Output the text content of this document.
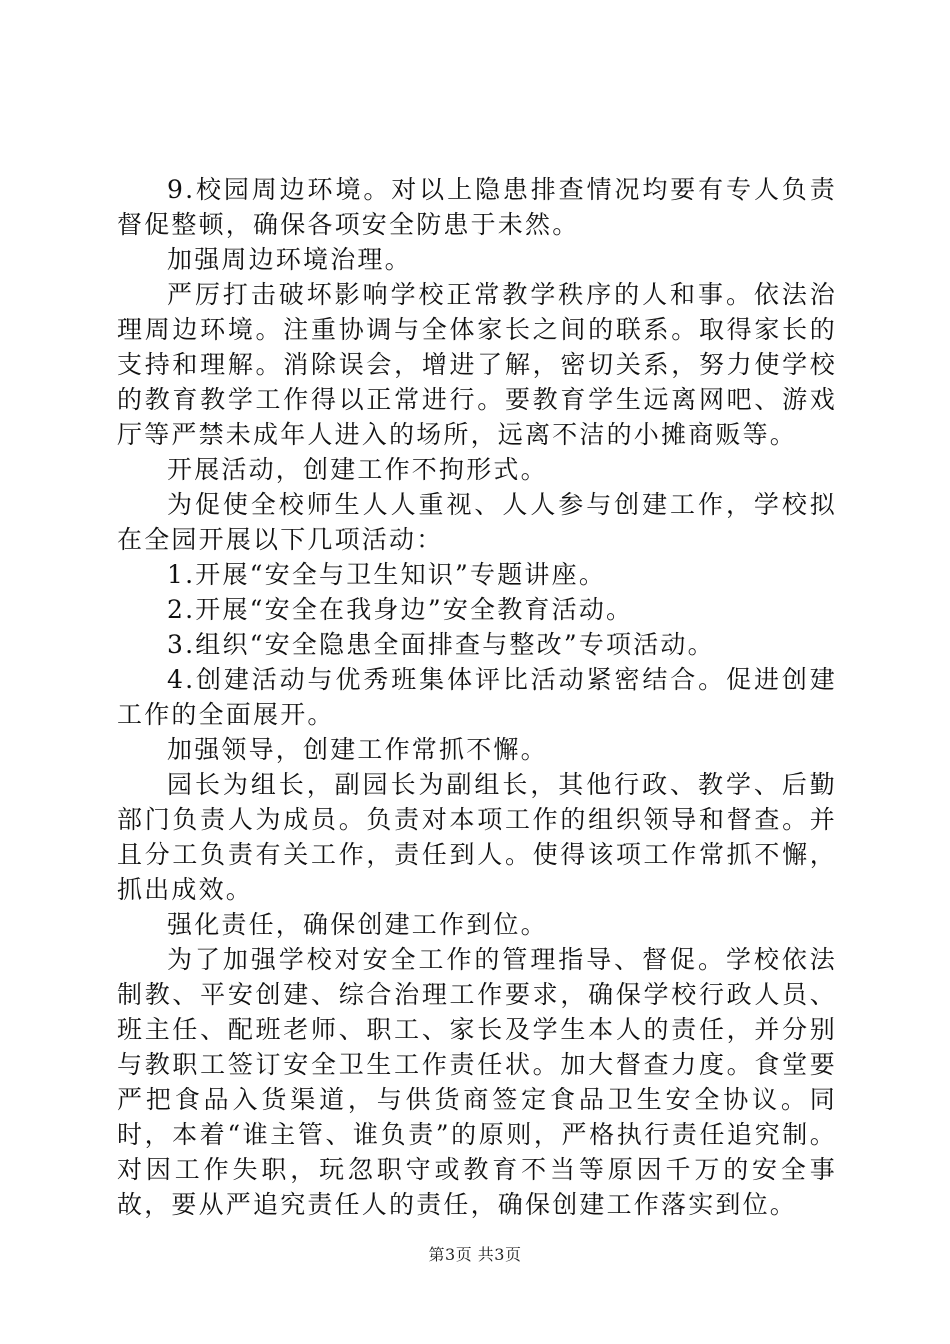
9.校园周边环境。对以上隐患排查情况均要有专人负责督促整顿，确保各项安全防患于未然。

加强周边环境治理。

严厉打击破坏影响学校正常教学秩序的人和事。依法治理周边环境。注重协调与全体家长之间的联系。取得家长的支持和理解。消除误会，增进了解，密切关系，努力使学校的教育教学工作得以正常进行。要教育学生远离网吧、游戏厅等严禁未成年人进入的场所，远离不洁的小摊商贩等。

开展活动，创建工作不拘形式。

为促使全校师生人人重视、人人参与创建工作，学校拟在全园开展以下几项活动：

1.开展“安全与卫生知识”专题讲座。

2.开展“安全在我身边”安全教育活动。

3.组织“安全隐患全面排查与整改”专项活动。

4.创建活动与优秀班集体评比活动紧密结合。促进创建工作的全面展开。

加强领导，创建工作常抓不懈。

园长为组长，副园长为副组长，其他行政、教学、后勤部门负责人为成员。负责对本项工作的组织领导和督查。并且分工负责有关工作，责任到人。使得该项工作常抓不懈，抓出成效。

强化责任，确保创建工作到位。

为了加强学校对安全工作的管理指导、督促。学校依法制教、平安创建、综合治理工作要求，确保学校行政人员、班主任、配班老师、职工、家长及学生本人的责任，并分别与教职工签订安全卫生工作责任状。加大督查力度。食堂要严把食品入货渠道，与供货商签定食品卫生安全协议。同时，本着“谁主管、谁负责”的原则，严格执行责任追究制。对因工作失职，玩忽职守或教育不当等原因千万的安全事故，要从严追究责任人的责任，确保创建工作落实到位。

第3页 共3页
